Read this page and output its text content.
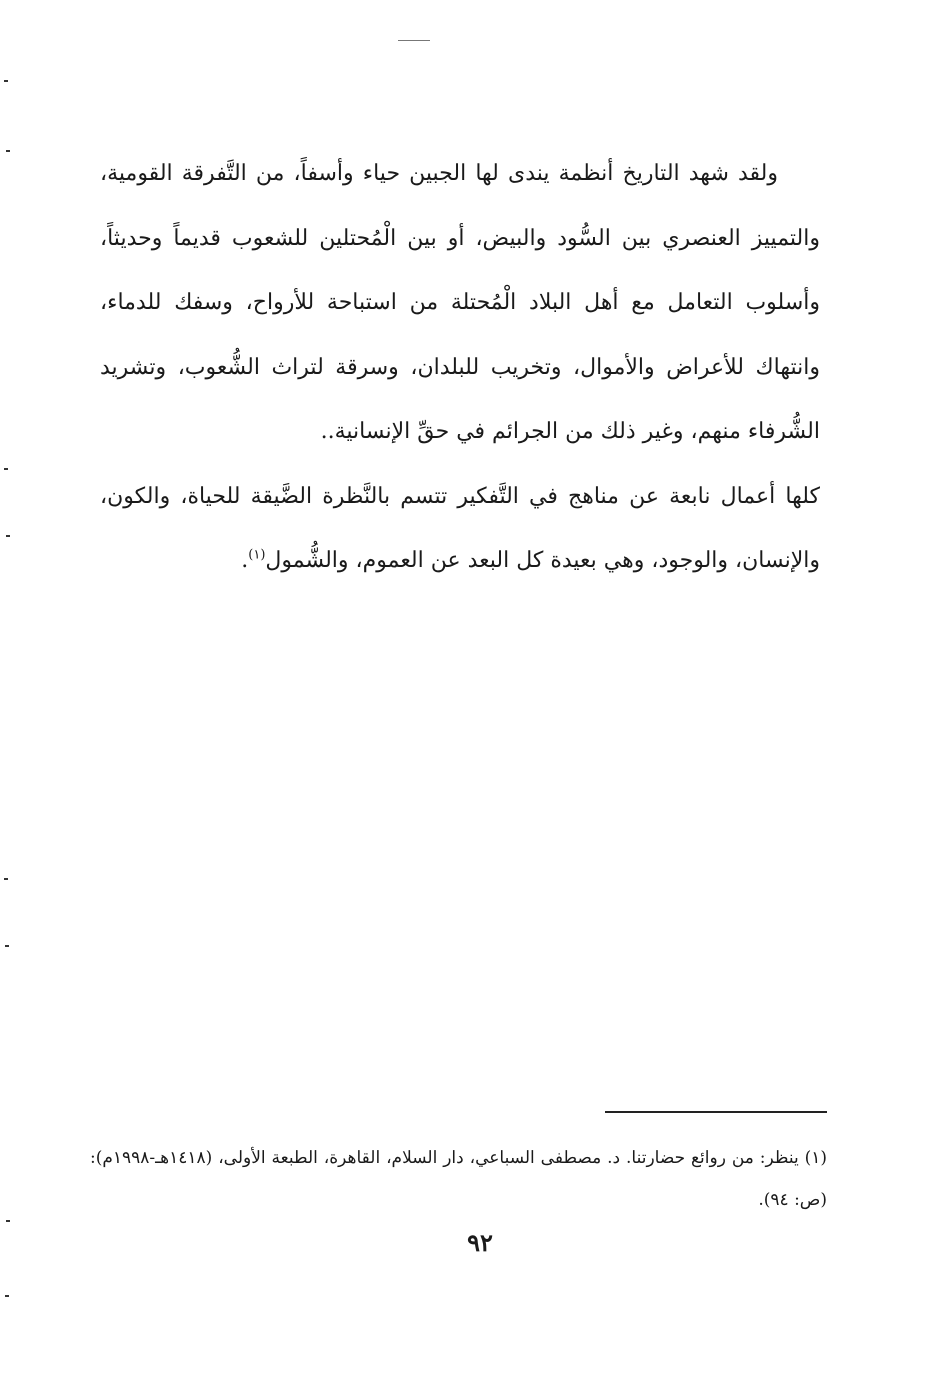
ولقد شهد التاريخ أنظمة يندى لها الجبين حياء وأسفاً، من التَّفرقة القومية، والتمييز العنصري بين السُّود والبيض، أو بين الْمُحتلين للشعوب قديماً وحديثاً، وأسلوب التعامل مع أهل البلاد الْمُحتلة من استباحة للأرواح، وسفك للدماء، وانتهاك للأعراض والأموال، وتخريب للبلدان، وسرقة لتراث الشُّعوب، وتشريد الشُّرفاء منهم، وغير ذلك من الجرائم في حقِّ الإنسانية..

كلها أعمال نابعة عن مناهج في التَّفكير تتسم بالنَّظرة الضَّيقة للحياة، والكون، والإنسان، والوجود، وهي بعيدة كل البعد عن العموم، والشُّمول$^{(١)}$.

(١) ينظر: من روائع حضارتنا. د. مصطفى السباعي، دار السلام، القاهرة، الطبعة الأولى، (١٤١٨هـ-١٩٩٨م): (ص: ٩٤).

٩٢
